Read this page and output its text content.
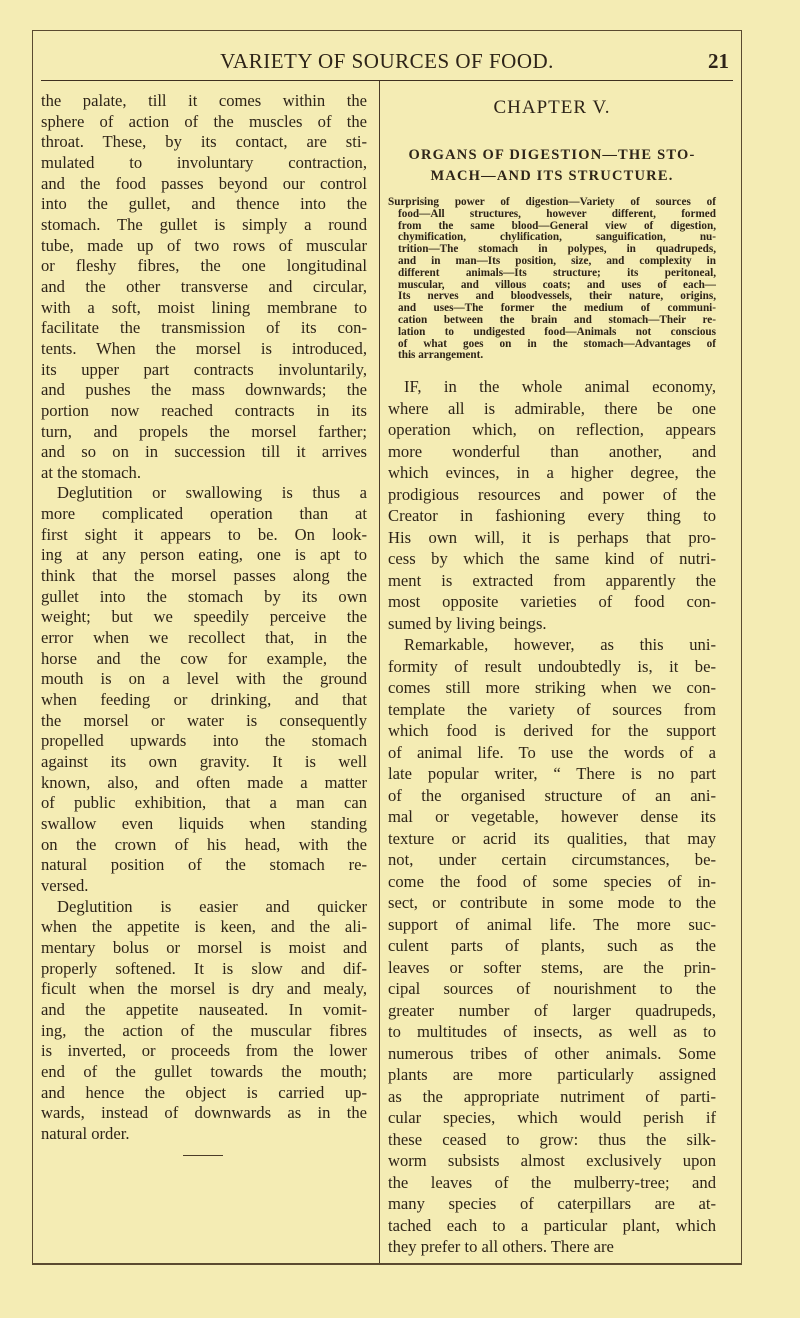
VARIETY OF SOURCES OF FOOD.	21
the palate, till it comes within the
sphere of action of the muscles of the
throat. These, by its contact, are sti-
mulated to involuntary contraction,
and the food passes beyond our control
into the gullet, and thence into the
stomach. The gullet is simply a round
tube, made up of two rows of muscular
or fleshy fibres, the one longitudinal
and the other transverse and circular,
with a soft, moist lining membrane to
facilitate the transmission of its con-
tents. When the morsel is introduced,
its upper part contracts involuntarily,
and pushes the mass downwards; the
portion now reached contracts in its
turn, and propels the morsel farther;
and so on in succession till it arrives
at the stomach.
Deglutition or swallowing is thus a
more complicated operation than at
first sight it appears to be. On look-
ing at any person eating, one is apt to
think that the morsel passes along the
gullet into the stomach by its own
weight; but we speedily perceive the
error when we recollect that, in the
horse and the cow for example, the
mouth is on a level with the ground
when feeding or drinking, and that
the morsel or water is consequently
propelled upwards into the stomach
against its own gravity. It is well
known, also, and often made a matter
of public exhibition, that a man can
swallow even liquids when standing
on the crown of his head, with the
natural position of the stomach re-
versed.
Deglutition is easier and quicker
when the appetite is keen, and the ali-
mentary bolus or morsel is moist and
properly softened. It is slow and dif-
ficult when the morsel is dry and mealy,
and the appetite nauseated. In vomit-
ing, the action of the muscular fibres
is inverted, or proceeds from the lower
end of the gullet towards the mouth;
and hence the object is carried up-
wards, instead of downwards as in the
natural order.
CHAPTER V.
ORGANS OF DIGESTION—THE STO-
MACH—AND ITS STRUCTURE.
Surprising power of digestion—Variety of sources of
food—All structures, however different, formed
from the same blood—General view of digestion,
chymification, chylification, sanguification, nu-
trition—The stomach in polypes, in quadrupeds,
and in man—Its position, size, and complexity in
different animals—Its structure; its peritoneal,
muscular, and villous coats; and uses of each—
Its nerves and bloodvessels, their nature, origins,
and uses—The former the medium of communi-
cation between the brain and stomach—Their re-
lation to undigested food—Animals not conscious
of what goes on in the stomach—Advantages of
this arrangement.
IF, in the whole animal economy,
where all is admirable, there be one
operation which, on reflection, appears
more wonderful than another, and
which evinces, in a higher degree, the
prodigious resources and power of the
Creator in fashioning every thing to
His own will, it is perhaps that pro-
cess by which the same kind of nutri-
ment is extracted from apparently the
most opposite varieties of food con-
sumed by living beings.
Remarkable, however, as this uni-
formity of result undoubtedly is, it be-
comes still more striking when we con-
template the variety of sources from
which food is derived for the support
of animal life. To use the words of a
late popular writer, “ There is no part
of the organised structure of an ani-
mal or vegetable, however dense its
texture or acrid its qualities, that may
not, under certain circumstances, be-
come the food of some species of in-
sect, or contribute in some mode to the
support of animal life. The more suc-
culent parts of plants, such as the
leaves or softer stems, are the prin-
cipal sources of nourishment to the
greater number of larger quadrupeds,
to multitudes of insects, as well as to
numerous tribes of other animals. Some
plants are more particularly assigned
as the appropriate nutriment of parti-
cular species, which would perish if
these ceased to grow: thus the silk-
worm subsists almost exclusively upon
the leaves of the mulberry-tree; and
many species of caterpillars are at-
tached each to a particular plant, which
they prefer to all others. There are
